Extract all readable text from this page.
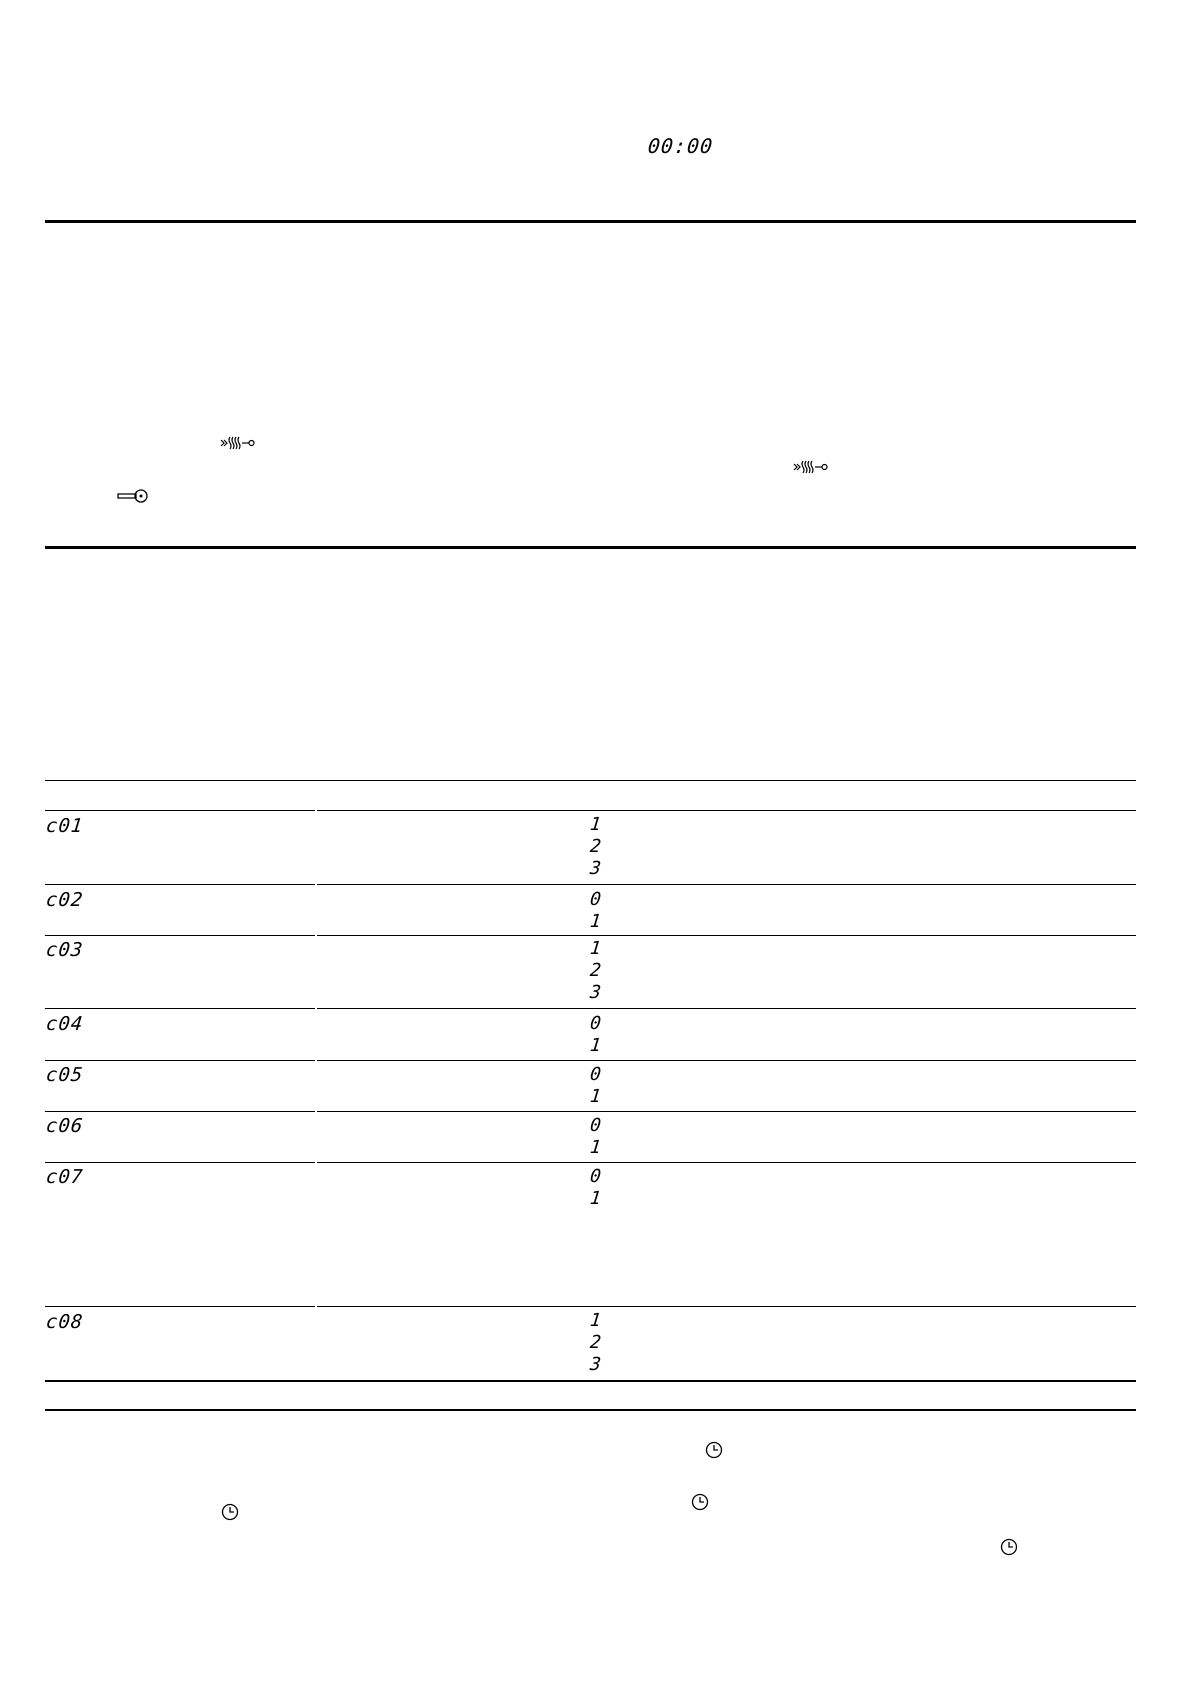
00:00
c01	1
2
3
c02	0
1
c03	1
2
3
c04	0
1
c05	0
1
c06	0
1
c07	0
1
c08	1
2
3
